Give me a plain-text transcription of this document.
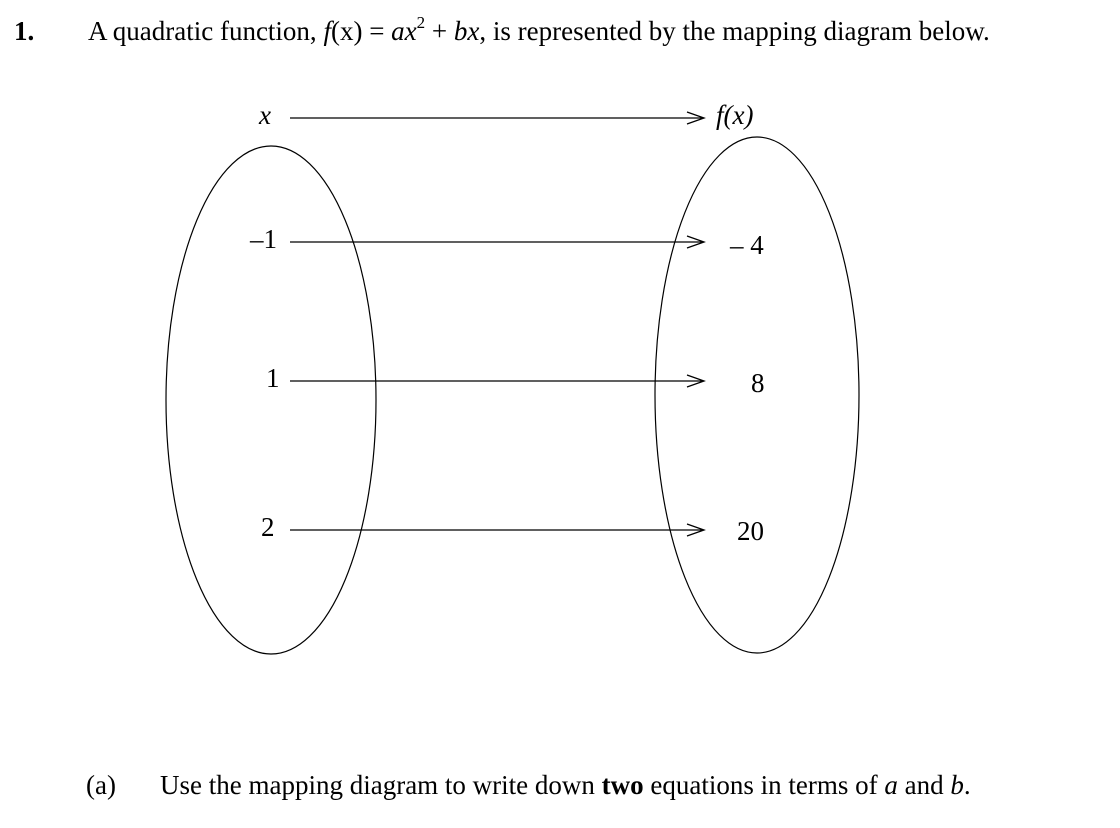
1. A quadratic function, $f(x) = ax^2$ + bx, is represented by the mapping diagram below.
x	f(x)
–1
1
2
– 4
8
20
(a) Use the mapping diagram to write down two equations in terms of a and b.
